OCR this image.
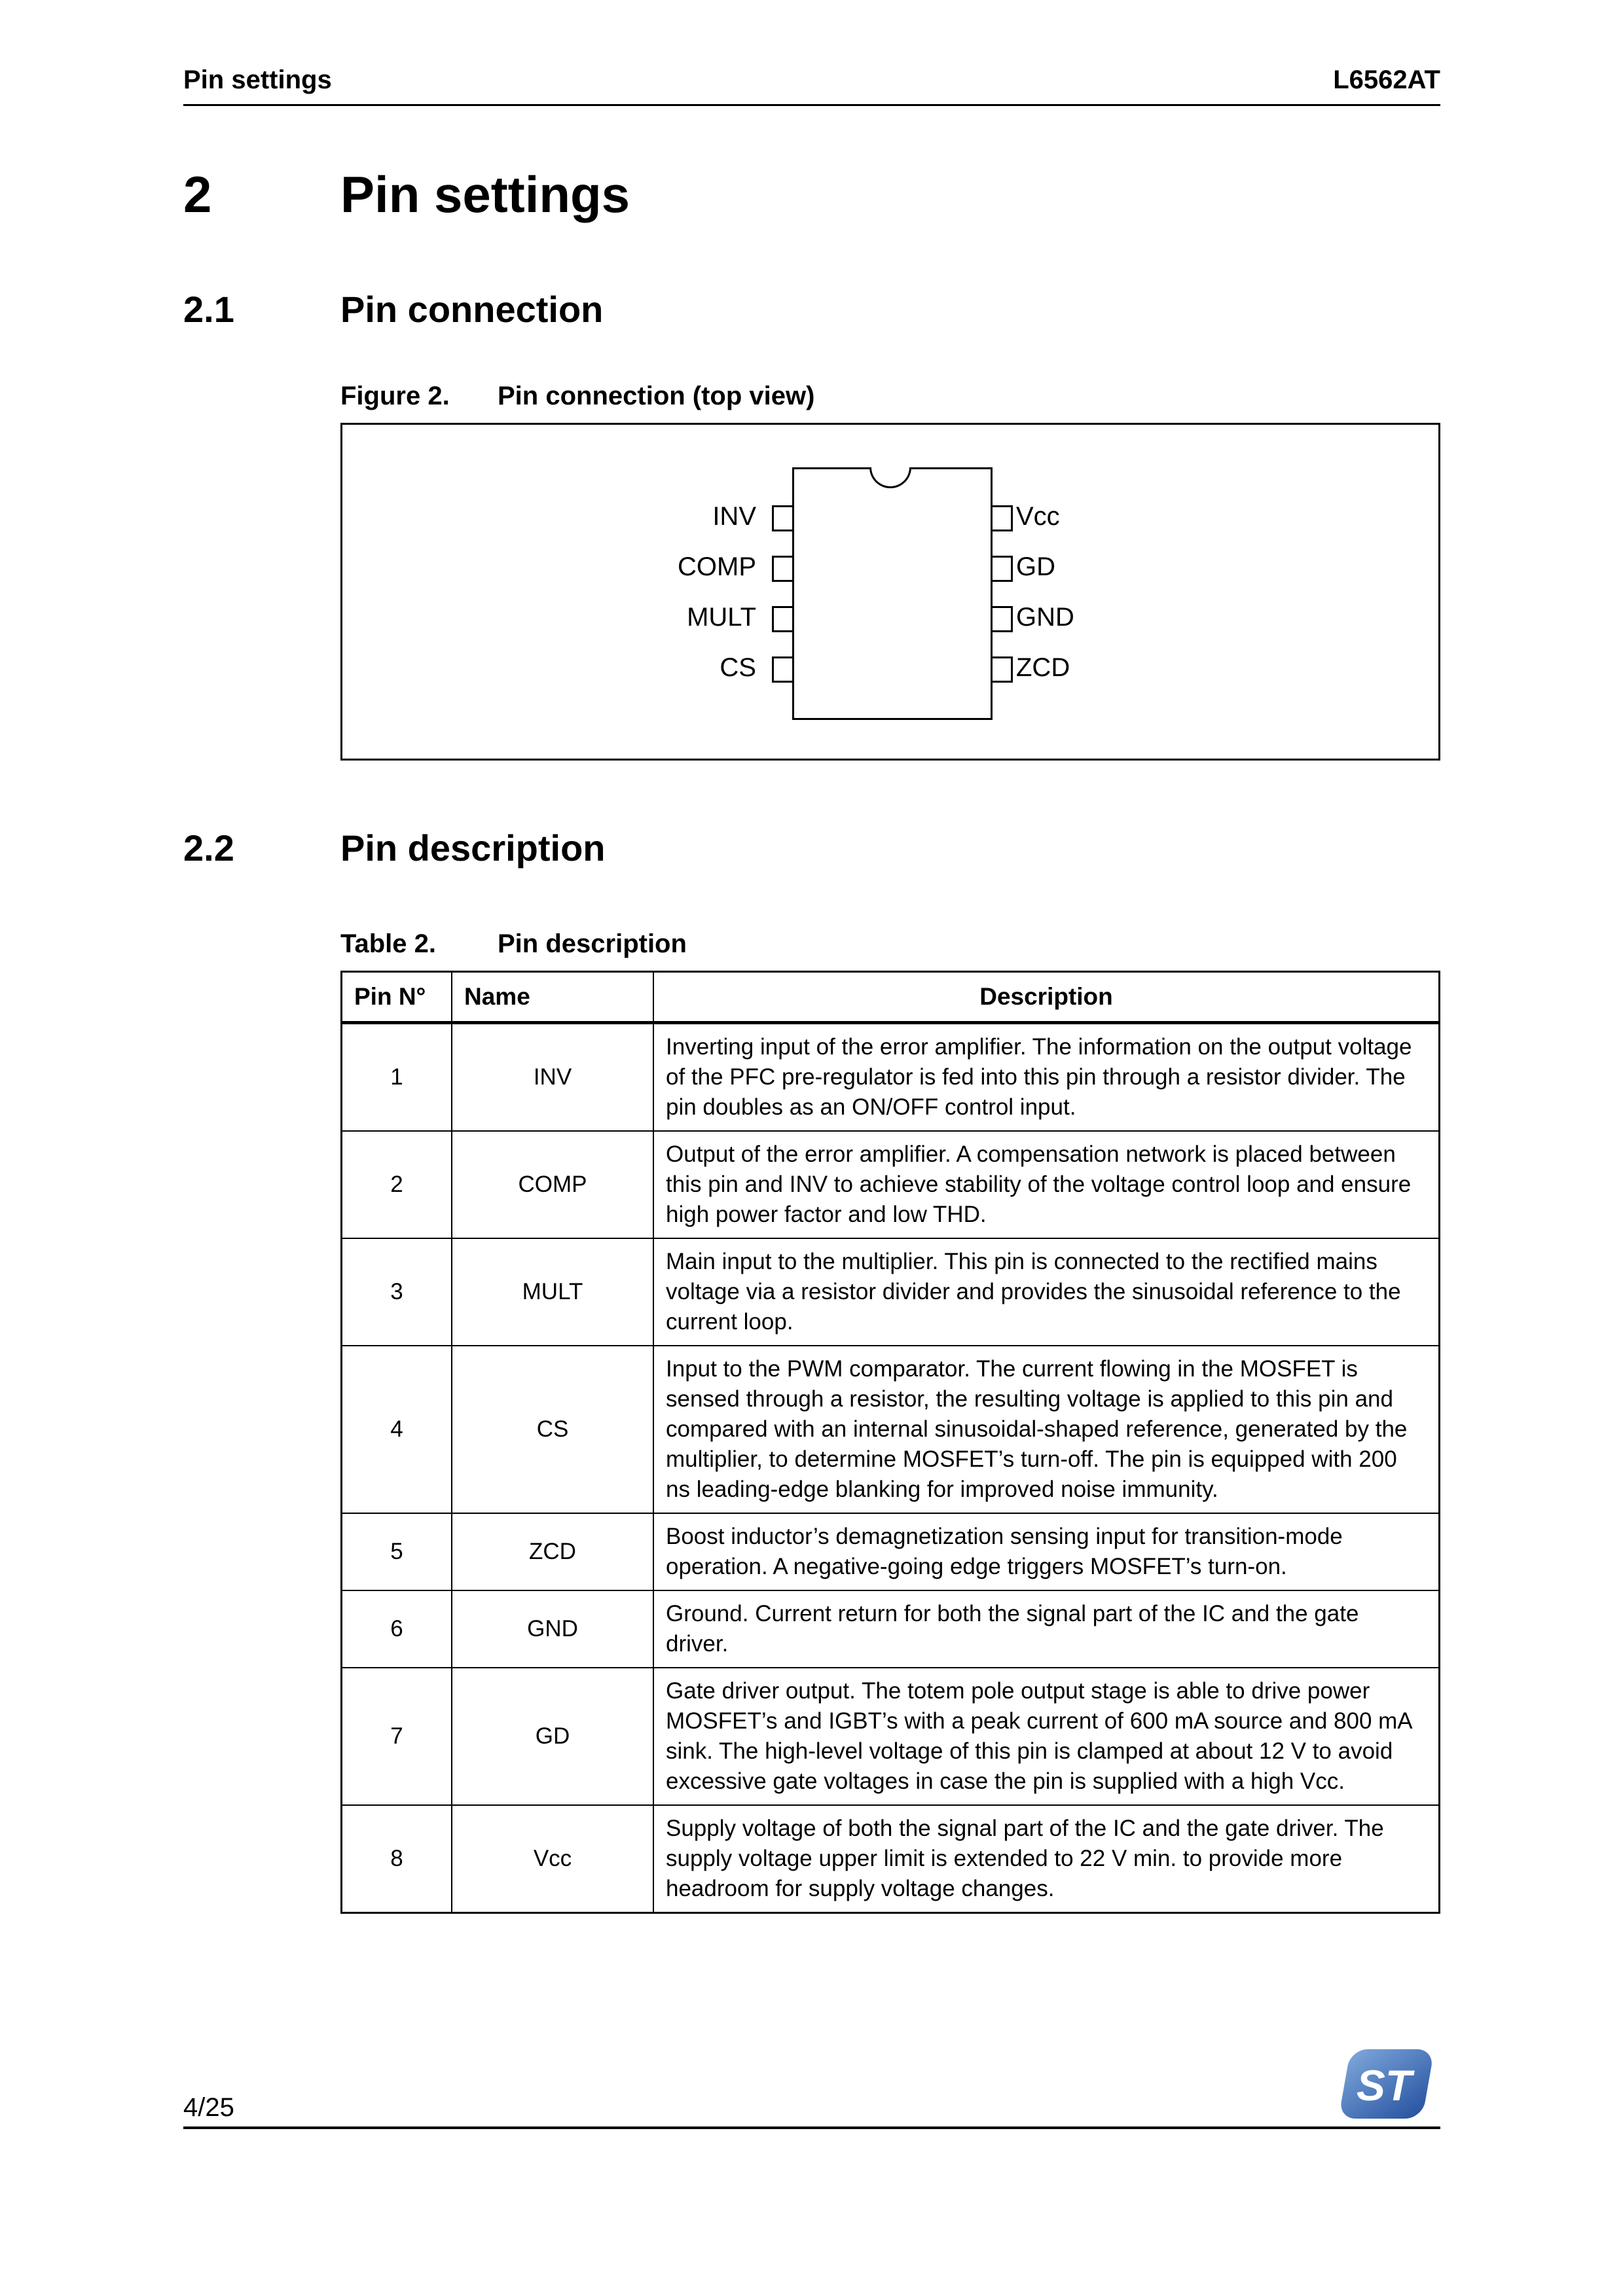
Pin settings	L6562AT
2	Pin settings
2.1	Pin connection
Figure 2.	Pin connection (top view)
INV
COMP
MULT
CS
Vcc
GD
GND
ZCD
2.2	Pin description
Table 2.	Pin description
Pin N°	Name	Description
1	INV	Inverting input of the error amplifier. The information on the output voltage of the PFC pre-regulator is fed into this pin through a resistor divider. The pin doubles as an ON/OFF control input.
2	COMP	Output of the error amplifier. A compensation network is placed between this pin and INV to achieve stability of the voltage control loop and ensure high power factor and low THD.
3	MULT	Main input to the multiplier. This pin is connected to the rectified mains voltage via a resistor divider and provides the sinusoidal reference to the current loop.
4	CS	Input to the PWM comparator. The current flowing in the MOSFET is sensed through a resistor, the resulting voltage is applied to this pin and compared with an internal sinusoidal-shaped reference, generated by the multiplier, to determine MOSFET’s turn-off. The pin is equipped with 200 ns leading-edge blanking for improved noise immunity.
5	ZCD	Boost inductor’s demagnetization sensing input for transition-mode operation. A negative-going edge triggers MOSFET’s turn-on.
6	GND	Ground. Current return for both the signal part of the IC and the gate driver.
7	GD	Gate driver output. The totem pole output stage is able to drive power MOSFET’s and IGBT’s with a peak current of 600 mA source and 800 mA sink. The high-level voltage of this pin is clamped at about 12 V to avoid excessive gate voltages in case the pin is supplied with a high Vcc.
8	Vcc	Supply voltage of both the signal part of the IC and the gate driver. The supply voltage upper limit is extended to 22 V min. to provide more headroom for supply voltage changes.
4/25	ST
